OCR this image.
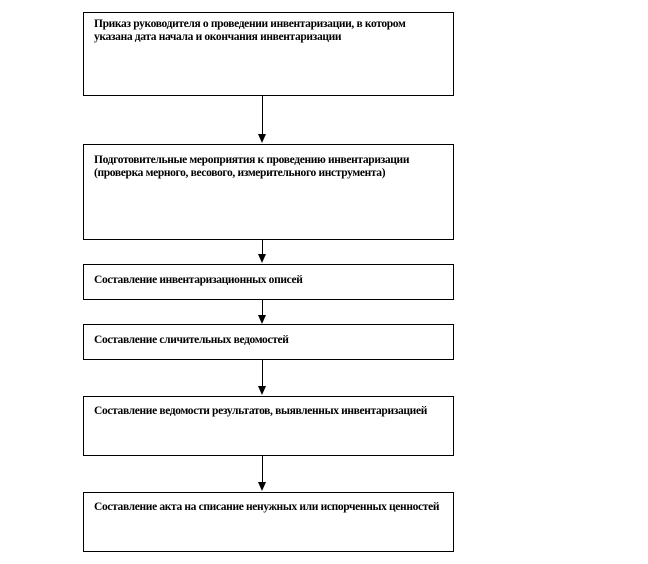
Приказ руководителя о проведении инвентаризации, в котором указана дата начала и окончания инвентаризации
Подготовительные мероприятия к проведению инвентаризации (проверка мерного, весового, измерительного инструмента)
Составление инвентаризационных описей
Составление сличительных ведомостей
Составление ведомости результатов, выявленных инвентаризацией
Составление акта на списание ненужных или испорченных ценностей
